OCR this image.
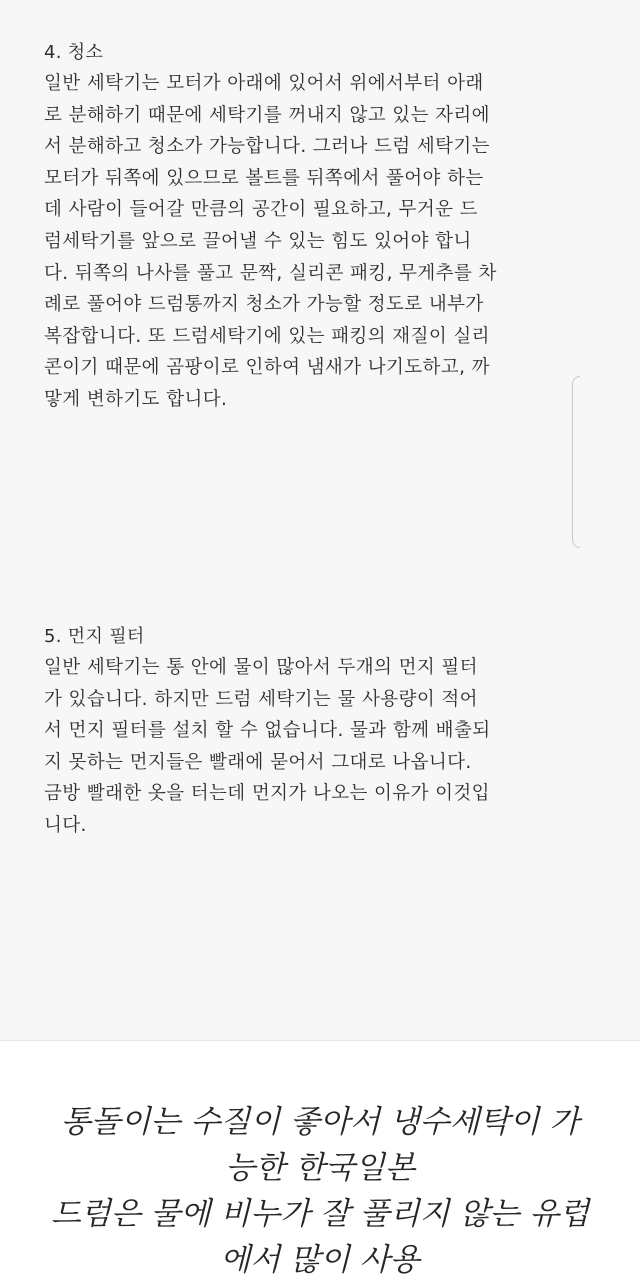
4. 청소
일반 세탁기는 모터가 아래에 있어서 위에서부터 아래
로 분해하기 때문에 세탁기를 꺼내지 않고 있는 자리에
서 분해하고 청소가 가능합니다. 그러나 드럼 세탁기는
모터가 뒤쪽에 있으므로 볼트를 뒤쪽에서 풀어야 하는
데 사람이 들어갈 만큼의 공간이 필요하고, 무거운 드
럼세탁기를 앞으로 끌어낼 수 있는 힘도 있어야 합니
다. 뒤쪽의 나사를 풀고 문짝, 실리콘 패킹, 무게추를 차
례로 풀어야 드럼통까지 청소가 가능할 정도로 내부가
복잡합니다. 또 드럼세탁기에 있는 패킹의 재질이 실리
콘이기 때문에 곰팡이로 인하여 냄새가 나기도하고, 까
맣게 변하기도 합니다.
5. 먼지 필터
일반 세탁기는 통 안에 물이 많아서 두개의 먼지 필터
가 있습니다. 하지만 드럼 세탁기는 물 사용량이 적어
서 먼지 필터를 설치 할 수 없습니다. 물과 함께 배출되
지 못하는 먼지들은 빨래에 묻어서 그대로 나옵니다.
금방 빨래한 옷을 터는데 먼지가 나오는 이유가 이것입
니다.
통돌이는 수질이 좋아서 냉수세탁이 가
능한 한국일본
드럼은 물에 비누가 잘 풀리지 않는 유럽
에서 많이 사용
